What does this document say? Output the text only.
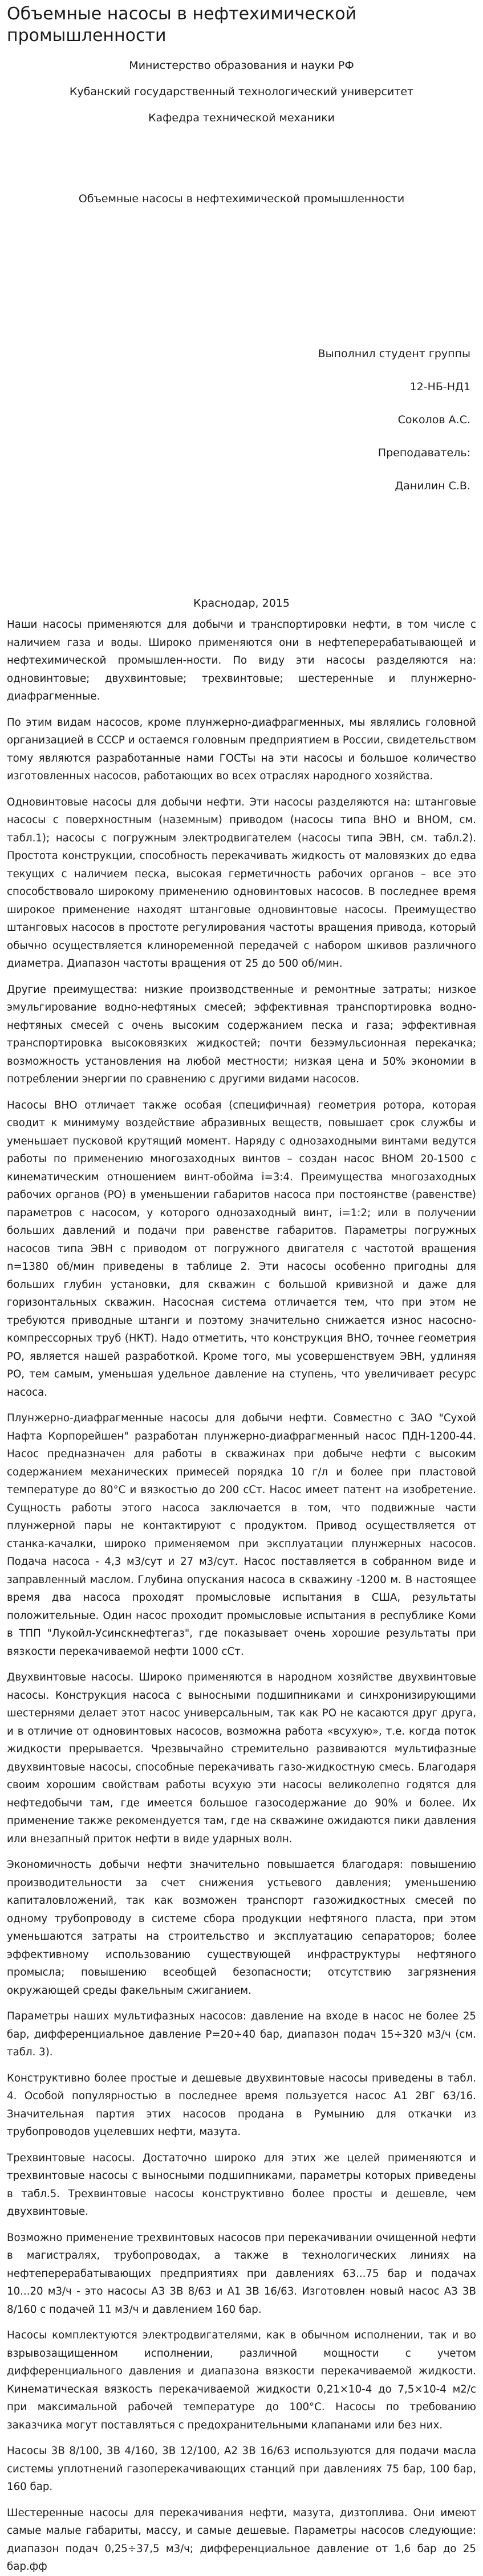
Объемные насосы в нефтехимической промышленности
Министерство образования и науки РФ
Кубанский государственный технологический университет
Кафедра технической механики
Объемные насосы в нефтехимической промышленности
Выполнил студент группы
12-НБ-НД1
Соколов А.С.
Преподаватель:
Данилин С.В.
Краснодар, 2015

Наши насосы применяются для добычи и транспортировки нефти, в том числе с наличием газа и воды. Широко применяются они в нефтеперерабатывающей и нефтехимической промышлен-ности. По виду эти насосы разделяются на: одновинтовые; двухвинтовые; трехвинтовые; шестеренные и плунжерно-диафрагменные.

По этим видам насосов, кроме плунжерно-диафрагменных, мы являлись головной организацией в СССР и остаемся головным предприятием в России, свидетельством тому являются разработанные нами ГОСТы на эти насосы и большое количество изготовленных насосов, работающих во всех отраслях народного хозяйства.

Одновинтовые насосы для добычи нефти. Эти насосы разделяются на: штанговые насосы с поверхностным (наземным) приводом (насосы типа ВНО и ВНОМ, см. табл.1); насосы с погружным электродвигателем (насосы типа ЭВН, см. табл.2). Простота конструкции, способность перекачивать жидкость от маловязких до едва текущих с наличием песка, высокая герметичность рабочих органов – все это способствовало широкому применению одновинтовых насосов. В последнее время широкое применение находят штанговые одновинтовые насосы. Преимущество штанговых насосов в простоте регулирования частоты вращения привода, который обычно осуществляется клиноременной передачей с набором шкивов различного диаметра. Диапазон частоты вращения от 25 до 500 об/мин.

Другие преимущества: низкие производственные и ремонтные затраты; низкое эмульгирование водно-нефтяных смесей; эффективная транспортировка водно-нефтяных смесей с очень высоким содержанием песка и газа; эффективная транспортировка высоковязких жидкостей; почти безэмульсионная перекачка; возможность установления на любой местности; низкая цена и 50% экономии в потреблении энергии по сравнению с другими видами насосов.

Насосы ВНО отличает также особая (специфичная) геометрия ротора, которая сводит к минимуму воздействие абразивных веществ, повышает срок службы и уменьшает пусковой крутящий момент. Наряду с однозаходными винтами ведутся работы по применению многозаходных винтов – создан насос ВНОМ 20-1500 с кинематическим отношением винт-обойма i=3:4. Преимущества многозаходных рабочих органов (РО) в уменьшении габаритов насоса при постоянстве (равенстве) параметров с насосом, у которого однозаходный винт, i=1:2; или в получении больших давлений и подачи при равенстве габаритов. Параметры погружных насосов типа ЭВН с приводом от погружного двигателя с частотой вращения n=1380 об/мин приведены в таблице 2. Эти насосы особенно пригодны для больших глубин установки, для скважин с большой кривизной и даже для горизонтальных скважин. Насосная система отличается тем, что при этом не требуются приводные штанги и поэтому значительно снижается износ насосно-компрессорных труб (НКТ). Надо отметить, что конструкция ВНО, точнее геометрия РО, является нашей разработкой. Кроме того, мы усовершенствуем ЭВН, удлиняя РО, тем самым, уменьшая удельное давление на ступень, что увеличивает ресурс насоса.

Плунжерно-диафрагменные насосы для добычи нефти. Совместно с ЗАО "Сухой Нафта Корпорейшен" разработан плунжерно-диафрагменный насос ПДН-1200-44. Насос предназначен для работы в скважинах при добыче нефти с высоким содержанием механических примесей порядка 10 г/л и более при пластовой температуре до 80°С и вязкостью до 200 сСт. Насос имеет патент на изобретение. Сущность работы этого насоса заключается в том, что подвижные части плунжерной пары не контактируют с продуктом. Привод осуществляется от станка-качалки, широко применяемом при эксплуатации плунжерных насосов. Подача насоса - 4,3 м3/сут и 27 м3/сут. Насос поставляется в собранном виде и заправленный маслом. Глубина опускания насоса в скважину -1200 м. В настоящее время два насоса проходят промысловые испытания в США, результаты положительные. Один насос проходит промысловые испытания в республике Коми в ТПП "Лукойл-Усинскнефтегаз", где показывает очень хорошие результаты при вязкости перекачиваемой нефти 1000 сСт.

Двухвинтовые насосы. Широко применяются в народном хозяйстве двухвинтовые насосы. Конструкция насоса с выносными подшипниками и синхронизирующими шестернями делает этот насос универсальным, так как РО не касаются друг друга, и в отличие от одновинтовых насосов, возможна работа «всухую», т.е. когда поток жидкости прерывается. Чрезвычайно стремительно развиваются мультифазные двухвинтовые насосы, способные перекачивать газо-жидкостную смесь. Благодаря своим хорошим свойствам работы всухую эти насосы великолепно годятся для нефтедобычи там, где имеется большое газосодержание до 90% и более. Их применение также рекомендуется там, где на скважине ожидаются пики давления или внезапный приток нефти в виде ударных волн.

Экономичность добычи нефти значительно повышается благодаря: повышению производительности за счет снижения устьевого давления; уменьшению капиталовложений, так как возможен транспорт газожидкостных смесей по одному трубопроводу в системе сбора продукции нефтяного пласта, при этом уменьшаются затраты на строительство и эксплуатацию сепараторов; более эффективному использованию существующей инфраструктуры нефтяного промысла; повышению всеобщей безопасности; отсутствию загрязнения окружающей среды факельным сжиганием.

Параметры наших мультифазных насосов: давление на входе в насос не более 25 бар, дифференциальное давление P=20÷40 бар, диапазон подач 15÷320 м3/ч (см. табл. 3).

Конструктивно более простые и дешевые двухвинтовые насосы приведены в табл. 4. Особой популярностью в последнее время пользуется насос А1 2ВГ 63/16. Значительная партия этих насосов продана в Румынию для откачки из трубопроводов уцелевших нефти, мазута.

Трехвинтовые насосы. Достаточно широко для этих же целей применяются и трехвинтовые насосы с выносными подшипниками, параметры которых приведены в табл.5. Трехвинтовые насосы конструктивно более просты и дешевле, чем двухвинтовые.

Возможно применение трехвинтовых насосов при перекачивании очищенной нефти в магистралях, трубопроводах, а также в технологических линиях на нефтеперерабатывающих предприятиях при давлениях 63...75 бар и подачах 10...20 м3/ч - это насосы А3 3В 8/63 и А1 3В 16/63. Изготовлен новый насос А3 3В 8/160 с подачей 11 м3/ч и давлением 160 бар.

Насосы комплектуются электродвигателями, как в обычном исполнении, так и во взрывозащищенном исполнении, различной мощности с учетом дифференциального давления и диапазона вязкости перекачиваемой жидкости. Кинематическая вязкость перекачиваемой жидкости 0,21×10-4 до 7,5×10-4 м2/с при максимальной рабочей температуре до 100°С. Насосы по требованию заказчика могут поставляться с предохранительными клапанами или без них.

Насосы 3В 8/100, 3В 4/160, 3В 12/100, А2 3В 16/63 используются для подачи масла системы уплотнений газоперекачивающих станций при давлениях 75 бар, 100 бар, 160 бар.

Шестеренные насосы для перекачивания нефти, мазута, дизтоплива. Они имеют самые малые габариты, массу, и самые дешевые. Параметры насосов следующие: диапазон подач 0,25÷37,5 м3/ч; дифференциальное давление от 1,6 бар до 25 бар.фф
